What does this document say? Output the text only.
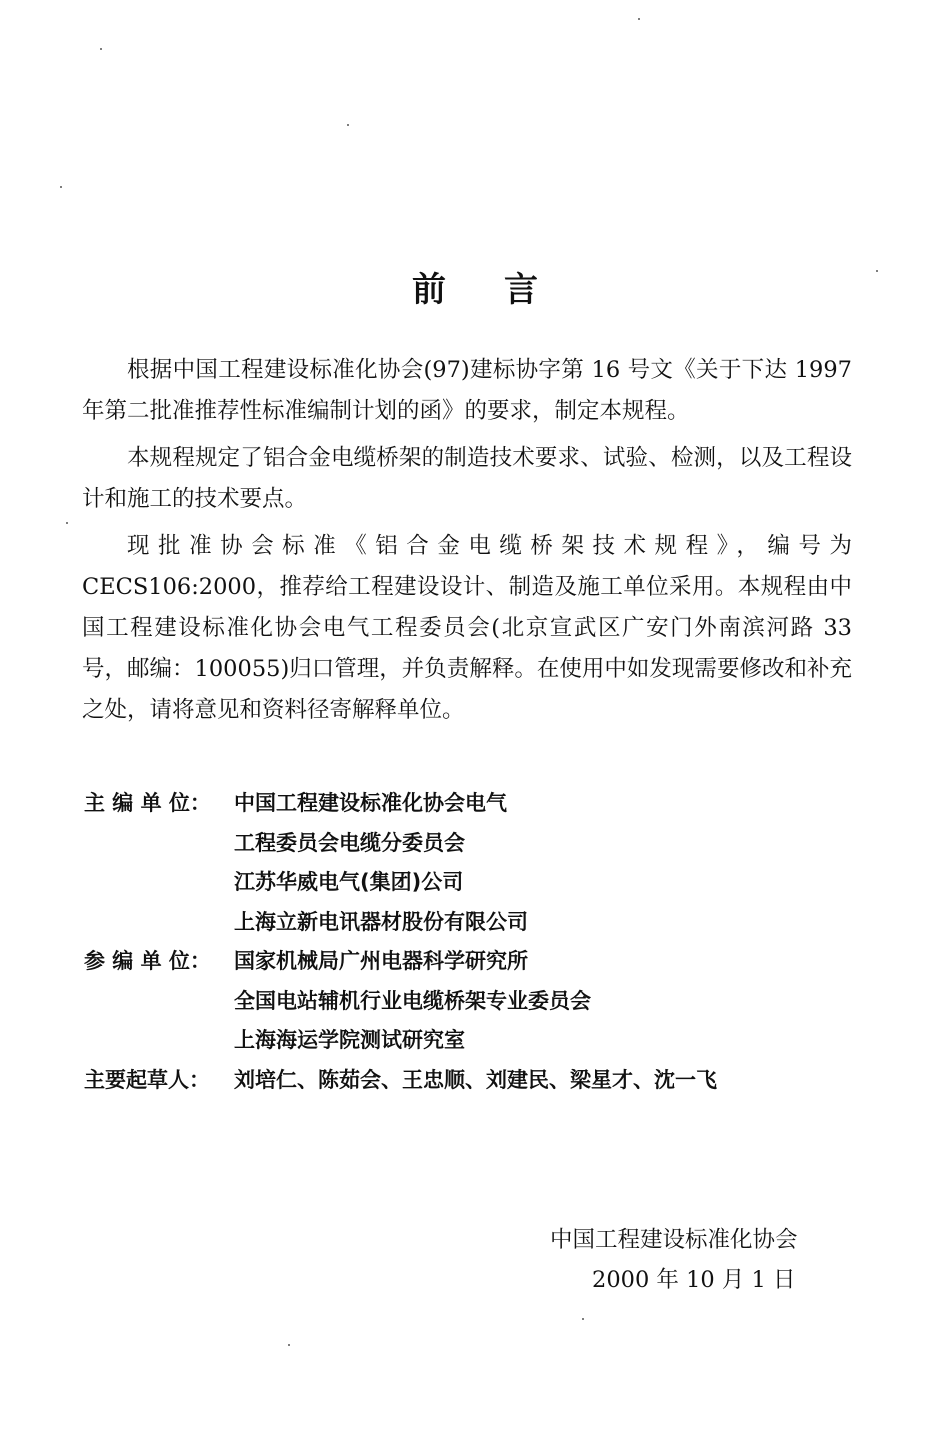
前言

根据中国工程建设标准化协会(97)建标协字第 16 号文《关于下达 1997 年第二批准推荐性标准编制计划的函》的要求，制定本规程。

本规程规定了铝合金电缆桥架的制造技术要求、试验、检测，以及工程设计和施工的技术要点。

现批准协会标准《铝合金电缆桥架技术规程》，编号为 CECS106:2000，推荐给工程建设设计、制造及施工单位采用。本规程由中国工程建设标准化协会电气工程委员会(北京宣武区广安门外南滨河路 33 号，邮编：100055)归口管理，并负责解释。在使用中如发现需要修改和补充之处，请将意见和资料径寄解释单位。

主 编 单 位：	中国工程建设标准化协会电气
工程委员会电缆分委员会
江苏华威电气(集团)公司
上海立新电讯器材股份有限公司
参 编 单 位：	国家机械局广州电器科学研究所
全国电站辅机行业电缆桥架专业委员会
上海海运学院测试研究室
主要起草人：	刘培仁、陈茹会、王忠顺、刘建民、梁星才、沈一飞
中国工程建设标准化协会
2000 年 10 月 1 日
